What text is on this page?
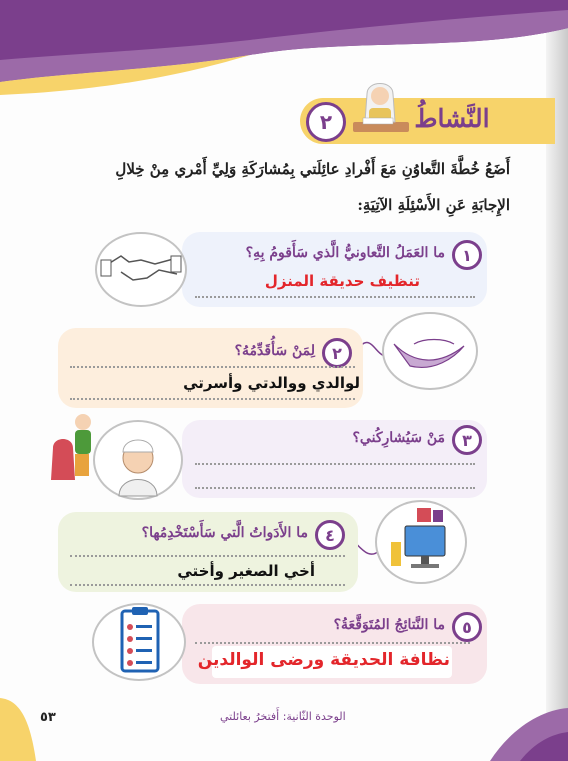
النَّشاطُ
٢
أَضَعُ خُطَّةَ التَّعاوُنِ مَعَ أَفْرادِ عائِلَتي بِمُشارَكَةِ وَلِيِّ أَمْري مِنْ خِلالِ
الإِجابَةِ عَنِ الأَسْئِلَةِ الآتِيَةِ:
١
ما العَمَلُ التَّعاونيُّ الَّذي سَأَقومُ بِهِ؟
تنظيف حديقة المنزل
٢
لِمَنْ سَأُقَدِّمُهُ؟
لوالدي ووالدتي وأسرتي
٣
مَنْ سَيُشارِكُني؟
٤
ما الأَدَواتُ الَّتي سَأَسْتَخْدِمُها؟
أخي الصغير وأختي
٥
ما النَّتائِجُ المُتَوَقَّعَةُ؟
نظافة الحديقة ورضى الوالدين
الوحدة الثّانية: أَفتخرُ بعائلتي
٥٣
